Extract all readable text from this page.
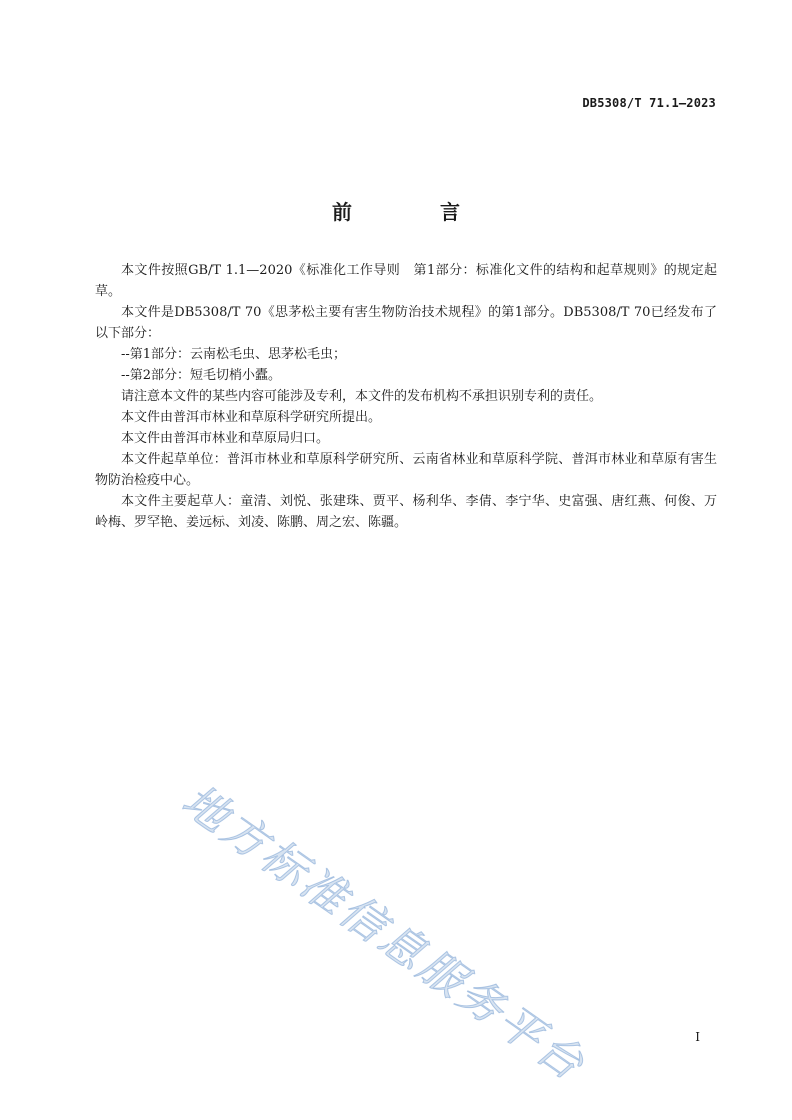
DB5308/T 71.1—2023
前　言

本文件按照GB/T 1.1—2020《标准化工作导则　第1部分：标准化文件的结构和起草规则》的规定起草。

本文件是DB5308/T 70《思茅松主要有害生物防治技术规程》的第1部分。DB5308/T 70已经发布了以下部分：

--第1部分：云南松毛虫、思茅松毛虫；

--第2部分：短毛切梢小蠹。

请注意本文件的某些内容可能涉及专利，本文件的发布机构不承担识别专利的责任。

本文件由普洱市林业和草原科学研究所提出。

本文件由普洱市林业和草原局归口。

本文件起草单位：普洱市林业和草原科学研究所、云南省林业和草原科学院、普洱市林业和草原有害生物防治检疫中心。

本文件主要起草人：童清、刘悦、张建珠、贾平、杨利华、李倩、李宁华、史富强、唐红燕、何俊、万岭梅、罗罕艳、姜远标、刘凌、陈鹏、周之宏、陈疆。

地方标准信息服务平台	I
